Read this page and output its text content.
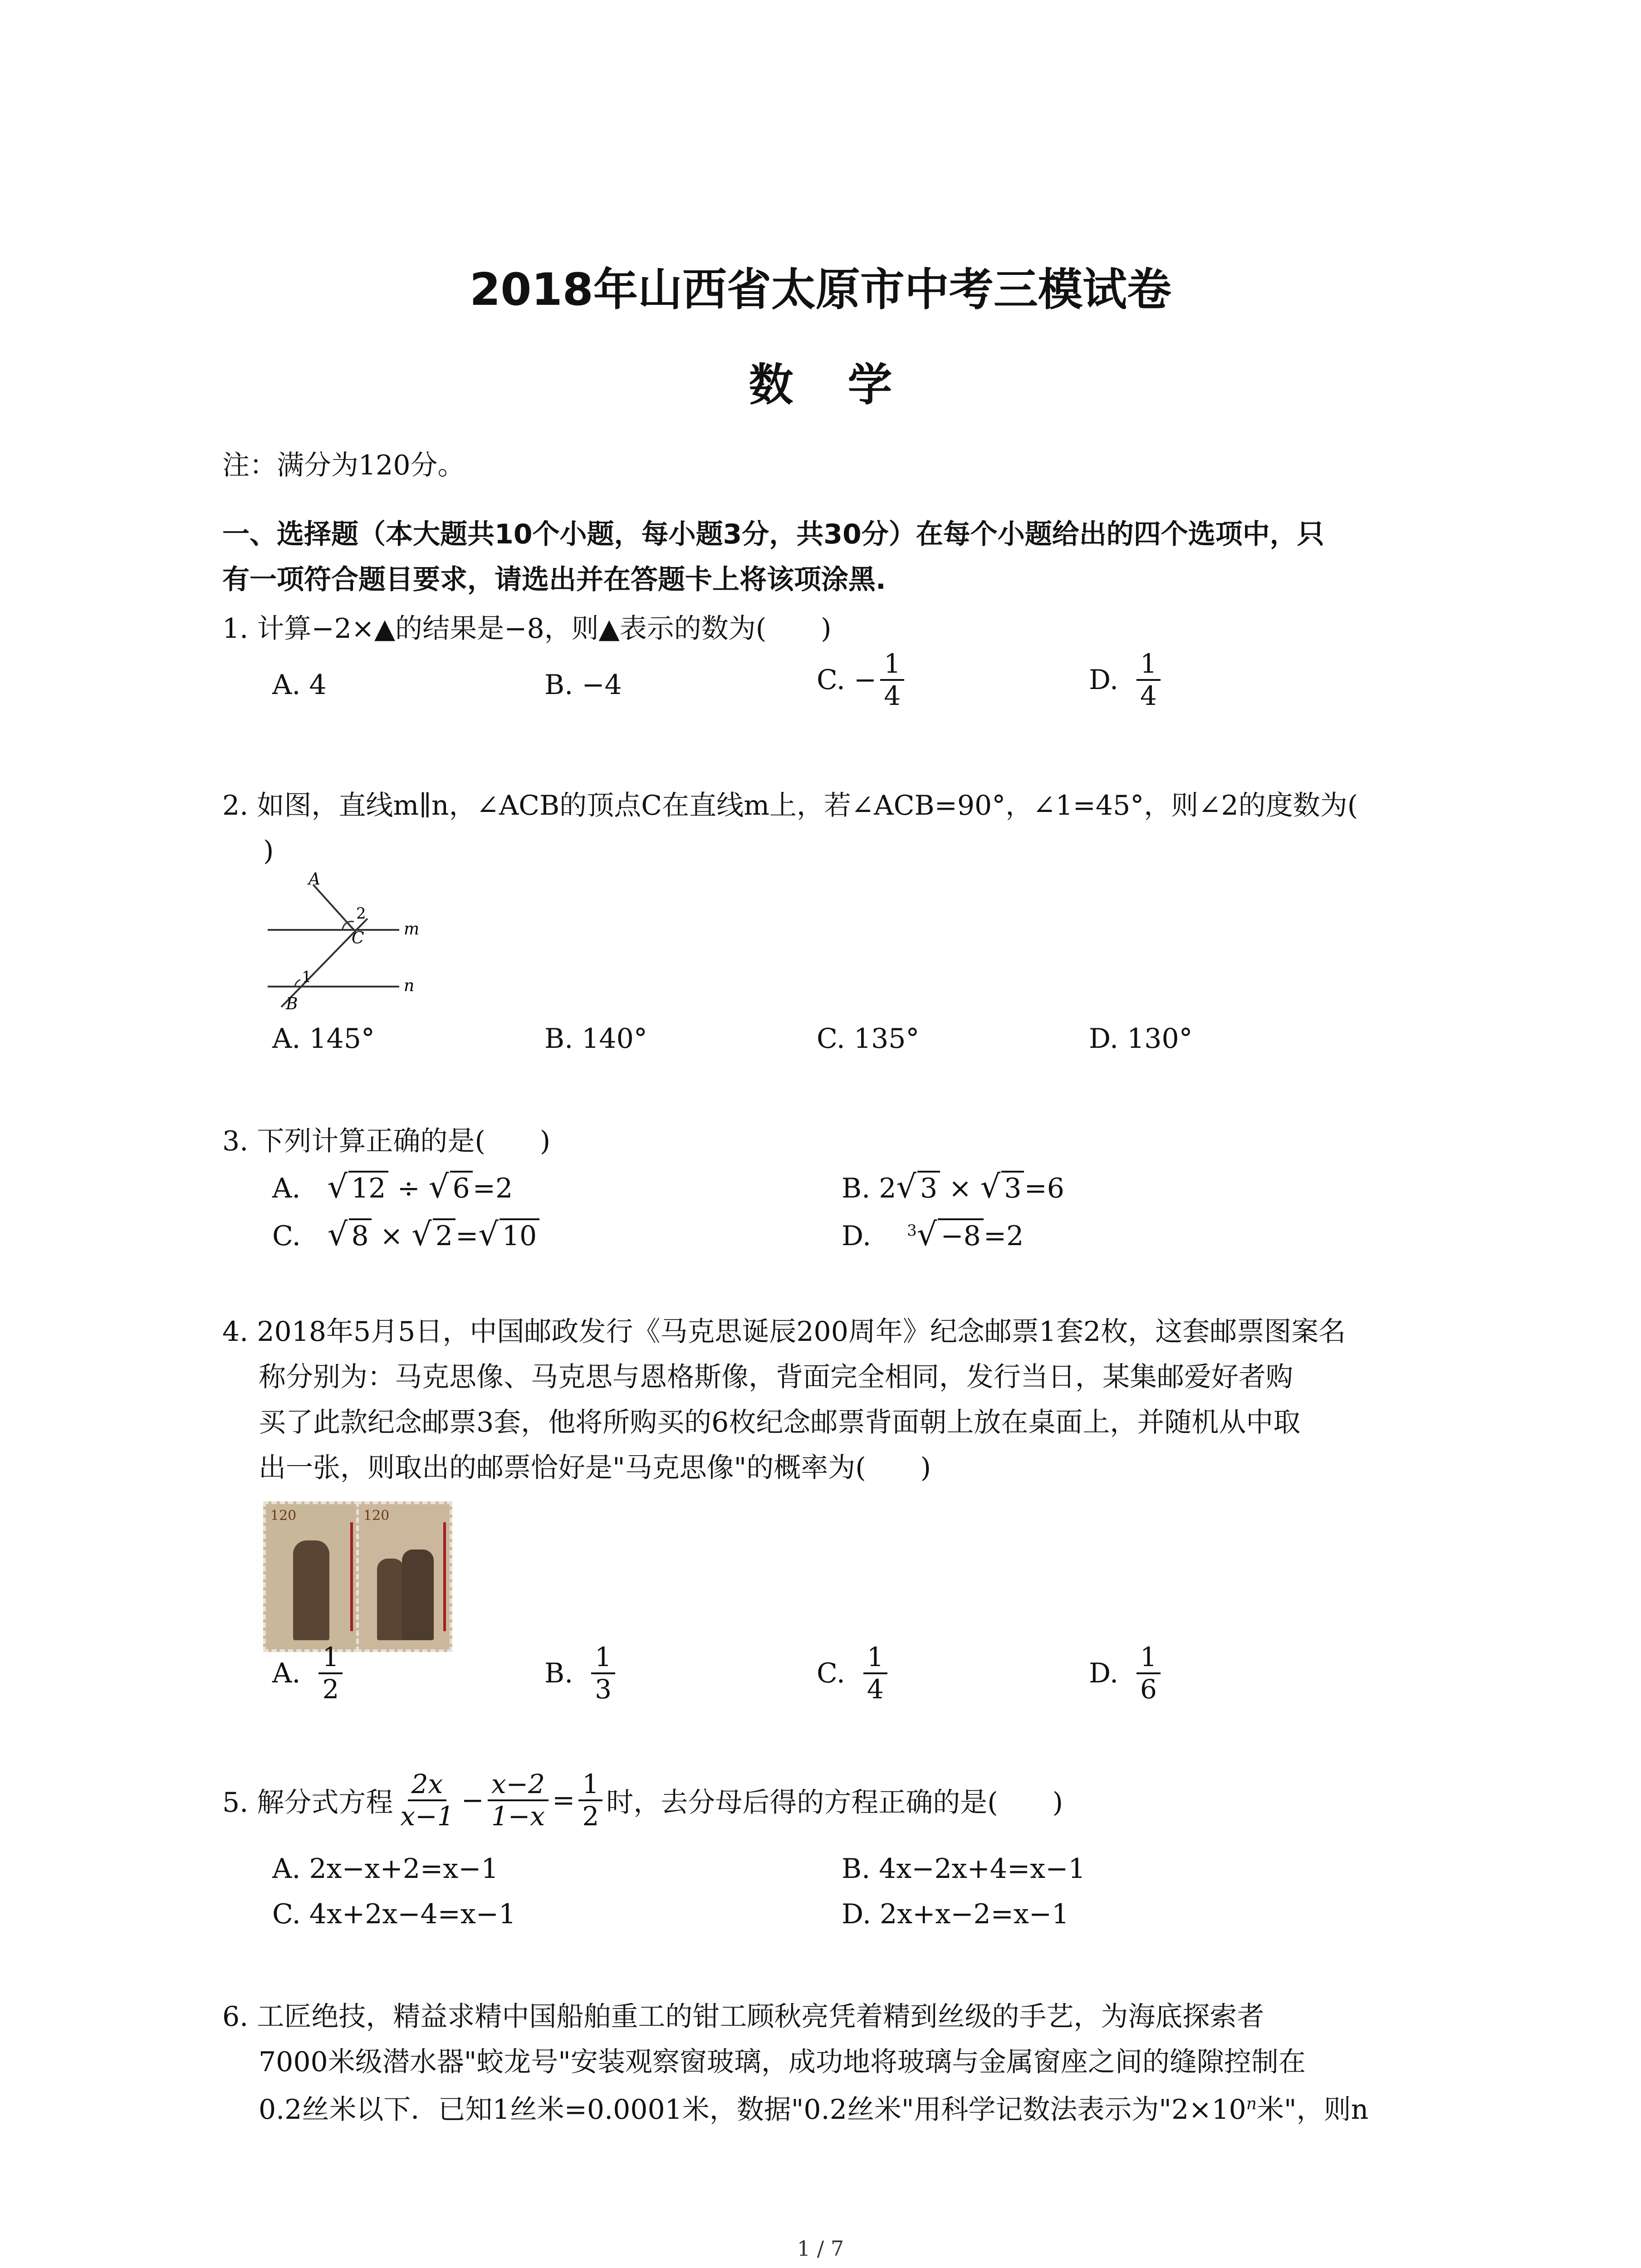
2018年山西省太原市中考三模试卷
数学
注：满分为120分。
一、选择题（本大题共10个小题，每小题3分，共30分）在每个小题给出的四个选项中，只
有一项符合题目要求，请选出并在答题卡上将该项涂黑.
1. 计算−2×▲的结果是−8，则▲表示的数为(　　)
A. 4	B. −4	C. − $\frac{1}{4}$	D. $\frac{1}{4}$
2. 如图，直线m∥n，∠ACB的顶点C在直线m上，若∠ACB=90°，∠1=45°，则∠2的度数为(
)
A
2
C m
1
B
n
A. 145°	B. 140°	C. 135°	D. 130°
3. 下列计算正确的是(　　)
A. √ 12 ÷ √ 6 =2	B. 2√ 3 × √ 3 =6
C. √ 8 × √ 2 =√ 10	D. $^3$√ −8 =2
4. 2018年5月5日，中国邮政发行《马克思诞辰200周年》纪念邮票1套2枚，这套邮票图案名
称分别为：马克思像、马克思与恩格斯像，背面完全相同，发行当日，某集邮爱好者购
买了此款纪念邮票3套，他将所购买的6枚纪念邮票背面朝上放在桌面上，并随机从中取
出一张，则取出的邮票恰好是"马克思像"的概率为(　　)
120	120
A. $\frac{1}{2}$	B. $\frac{1}{3}$	C. $\frac{1}{4}$	D. $\frac{1}{6}$
5. 解分式方程 $\frac{2x}{x-1} - \frac{x-2}{1-x} = \frac{1}{2}$ 时，去分母后得的方程正确的是(　　)
A. 2x−x+2=x−1	B. 4x−2x+4=x−1
C. 4x+2x−4=x−1	D. 2x+x−2=x−1
6. 工匠绝技，精益求精中国船舶重工的钳工顾秋亮凭着精到丝级的手艺，为海底探索者
7000米级潜水器"蛟龙号"安装观察窗玻璃，成功地将玻璃与金属窗座之间的缝隙控制在
0.2丝米以下．已知1丝米=0.0001米，数据"0.2丝米"用科学记数法表示为"$2\times 10^n$米"，则n
1 / 7
